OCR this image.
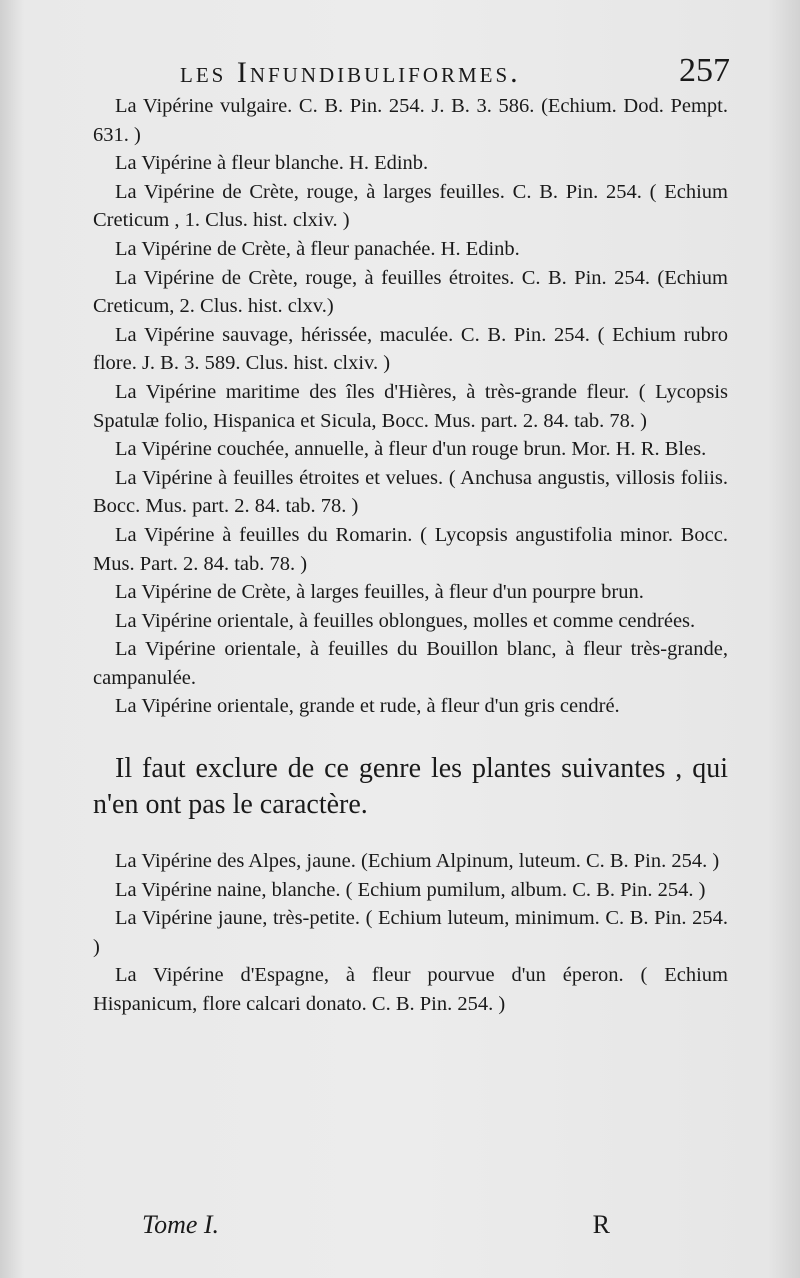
les Infundibuliformes.	257

La Vipérine vulgaire. C. B. Pin. 254. J. B. 3. 586. (Echium. Dod. Pempt. 631. )

La Vipérine à fleur blanche. H. Edinb.

La Vipérine de Crète, rouge, à larges feuilles. C. B. Pin. 254. ( Echium Creticum , 1. Clus. hist. clxiv. )

La Vipérine de Crète, à fleur panachée. H. Edinb.

La Vipérine de Crète, rouge, à feuilles étroites. C. B. Pin. 254. (Echium Creticum, 2. Clus. hist. clxv.)

La Vipérine sauvage, hérissée, maculée. C. B. Pin. 254. ( Echium rubro flore. J. B. 3. 589. Clus. hist. clxiv. )

La Vipérine maritime des îles d'Hières, à très-grande fleur. ( Lycopsis Spatulæ folio, Hispanica et Sicula, Bocc. Mus. part. 2. 84. tab. 78. )

La Vipérine couchée, annuelle, à fleur d'un rouge brun. Mor. H. R. Bles.

La Vipérine à feuilles étroites et velues. ( Anchusa angustis, villosis foliis. Bocc. Mus. part. 2. 84. tab. 78. )

La Vipérine à feuilles du Romarin. ( Lycopsis angustifolia minor. Bocc. Mus. Part. 2. 84. tab. 78. )

La Vipérine de Crète, à larges feuilles, à fleur d'un pourpre brun.

La Vipérine orientale, à feuilles oblongues, molles et comme cendrées.

La Vipérine orientale, à feuilles du Bouillon blanc, à fleur très-grande, campanulée.

La Vipérine orientale, grande et rude, à fleur d'un gris cendré.

Il faut exclure de ce genre les plantes suivantes , qui n'en ont pas le caractère.

La Vipérine des Alpes, jaune. (Echium Alpinum, luteum. C. B. Pin. 254. )

La Vipérine naine, blanche. ( Echium pumilum, album. C. B. Pin. 254. )

La Vipérine jaune, très-petite. ( Echium luteum, minimum. C. B. Pin. 254. )

La Vipérine d'Espagne, à fleur pourvue d'un éperon. ( Echium Hispanicum, flore calcari donato. C. B. Pin. 254. )

Tome I.	R
